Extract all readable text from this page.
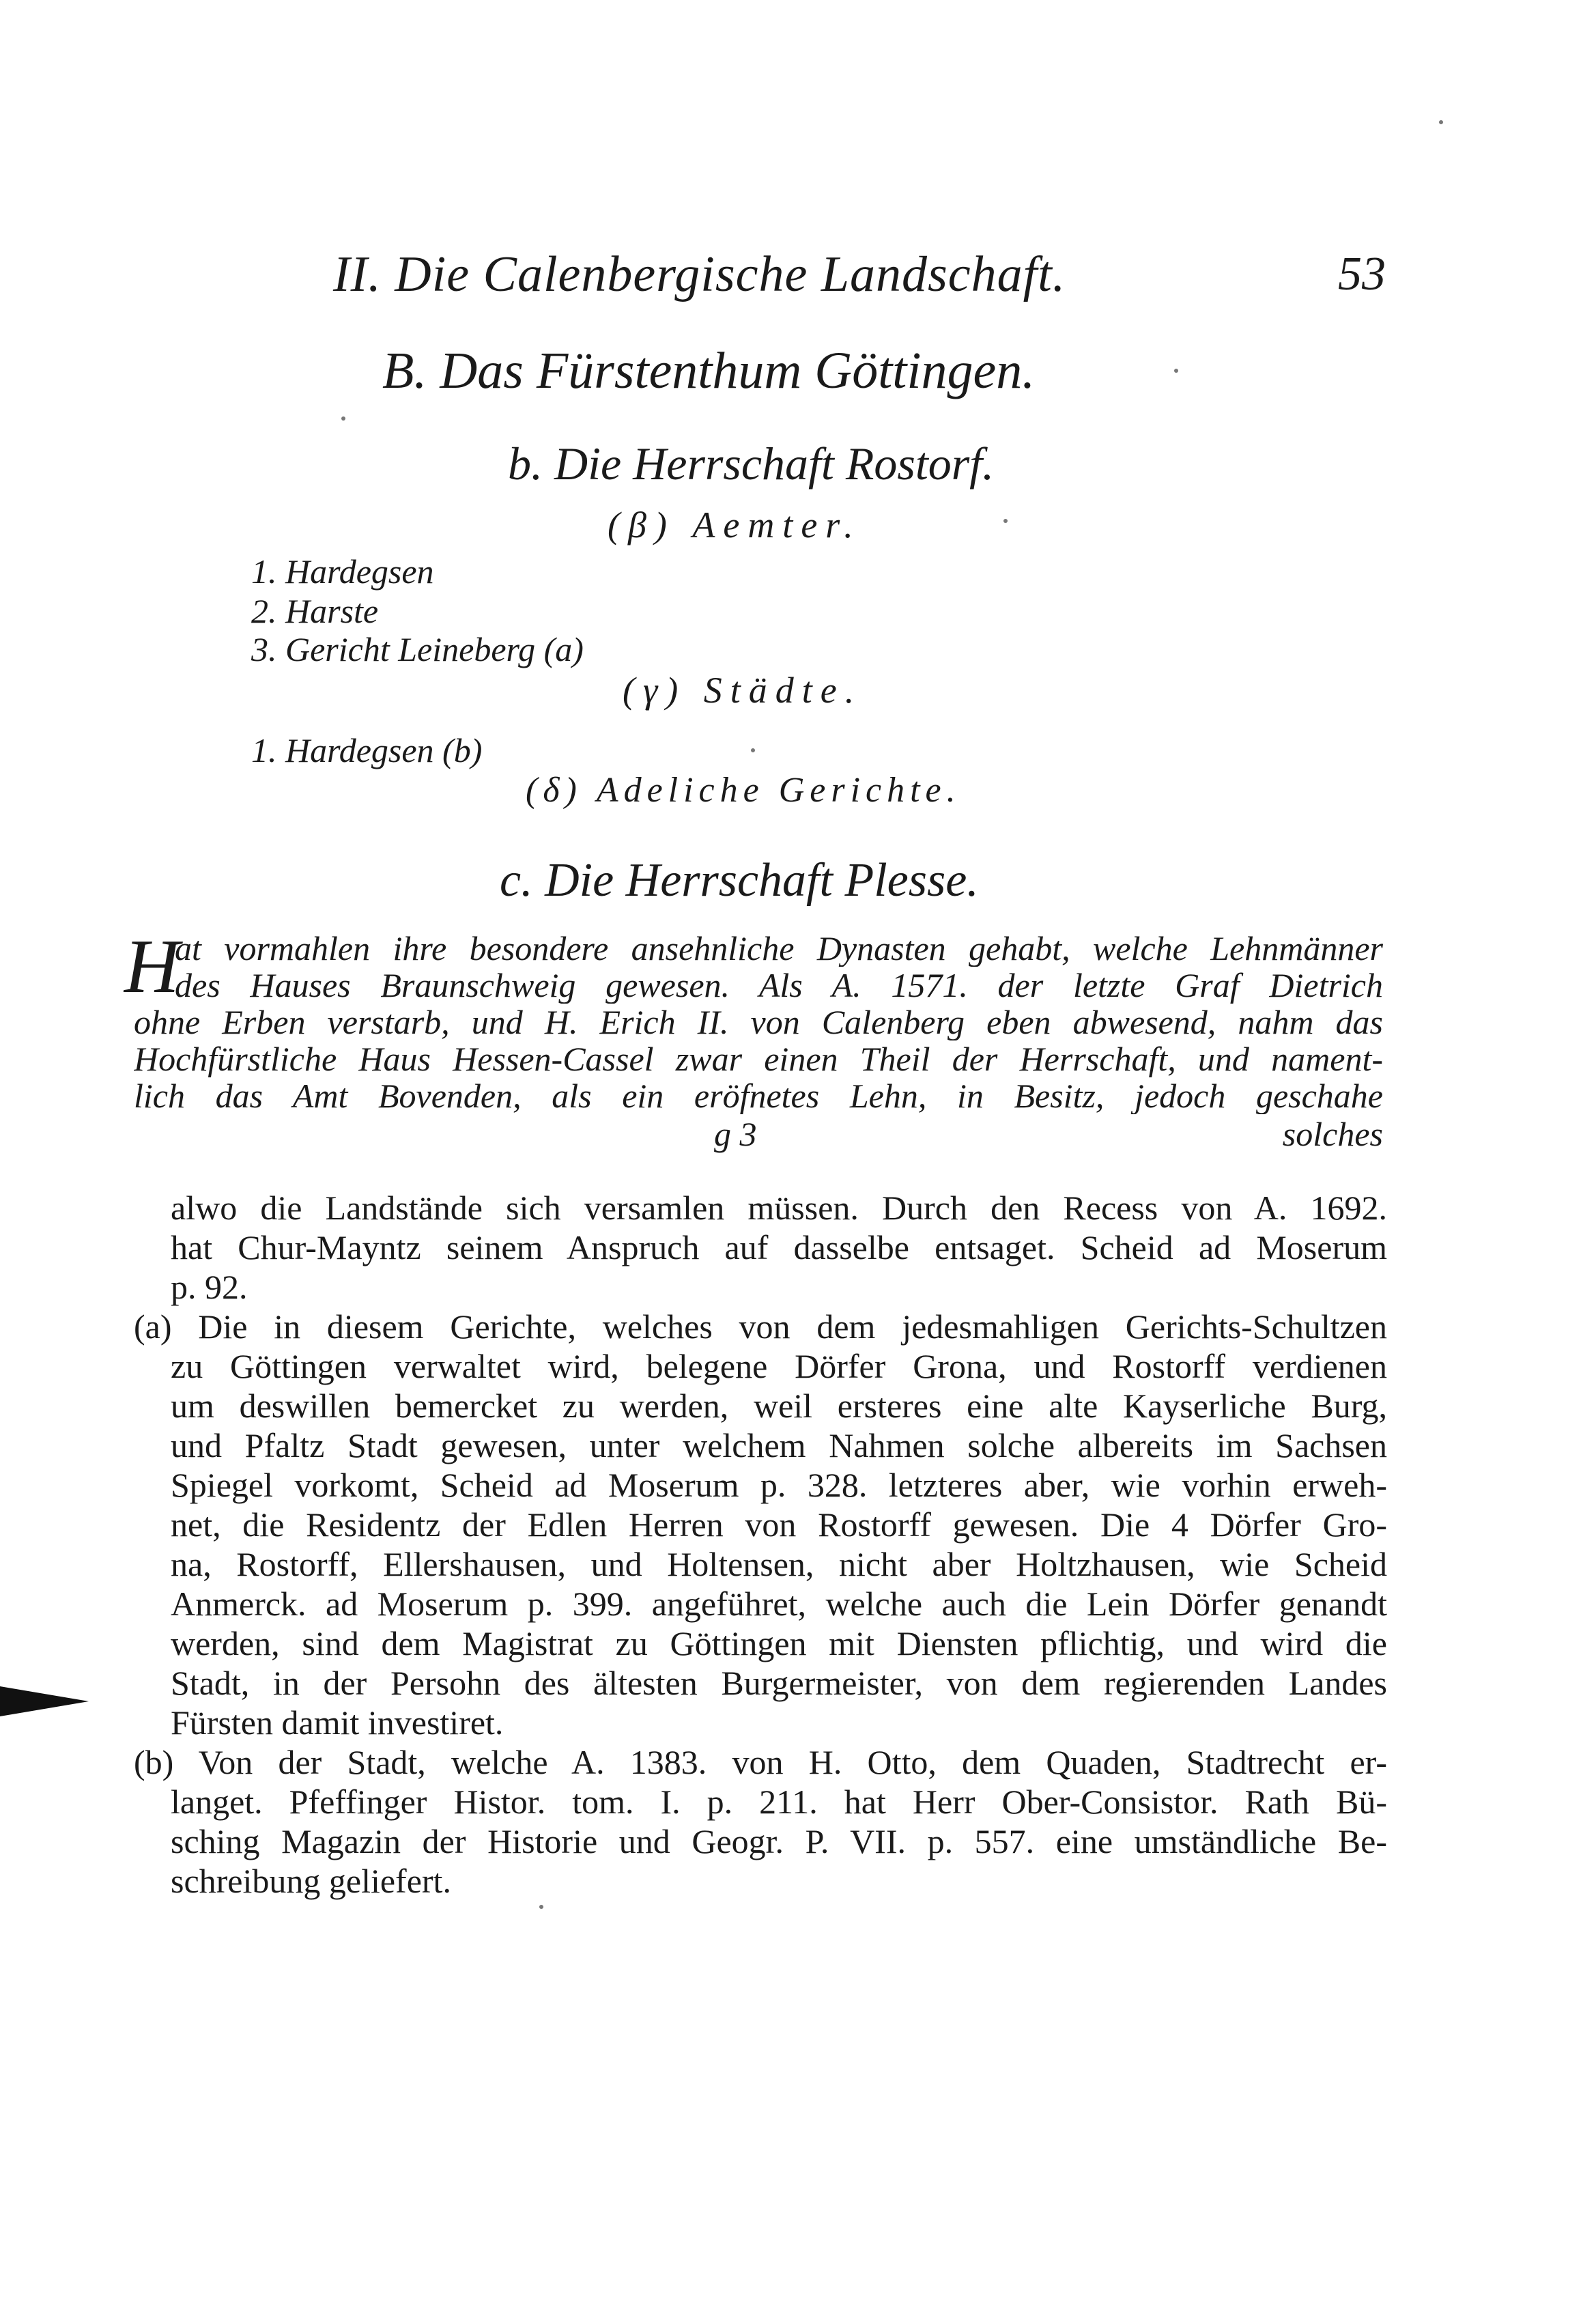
II. Die Calenbergische Landschaft.	53
B. Das Fürstenthum Göttingen.
b. Die Herrschaft Rostorf.
(β) Aemter.
1. Hardegsen
2. Harste
3. Gericht Leineberg (a)
(γ) Städte.
1. Hardegsen (b)
(δ) Adeliche Gerichte.
c. Die Herrschaft Plesse.
H
at vormahlen ihre besondere ansehnliche Dynasten gehabt, welche Lehnmänner
des Hauses Braunschweig gewesen. Als A. 1571. der letzte Graf Dietrich
ohne Erben verstarb, und H. Erich II. von Calenberg eben abwesend, nahm das
Hochfürstliche Haus Hessen-Cassel zwar einen Theil der Herrschaft, und nament-
lich das Amt Bovenden, als ein eröfnetes Lehn, in Besitz, jedoch geschahe
g 3	solches
alwo die Landstände sich versamlen müssen. Durch den Recess von A. 1692.
hat Chur-Mayntz seinem Anspruch auf dasselbe entsaget. Scheid ad Moserum
p. 92.
(a) Die in diesem Gerichte, welches von dem jedesmahligen Gerichts-Schultzen
zu Göttingen verwaltet wird, belegene Dörfer Grona, und Rostorff verdienen
um deswillen bemercket zu werden, weil ersteres eine alte Kayserliche Burg,
und Pfaltz Stadt gewesen, unter welchem Nahmen solche albereits im Sachsen
Spiegel vorkomt, Scheid ad Moserum p. 328. letzteres aber, wie vorhin erweh-
net, die Residentz der Edlen Herren von Rostorff gewesen. Die 4 Dörfer Gro-
na, Rostorff, Ellershausen, und Holtensen, nicht aber Holtzhausen, wie Scheid
Anmerck. ad Moserum p. 399. angeführet, welche auch die Lein Dörfer genandt
werden, sind dem Magistrat zu Göttingen mit Diensten pflichtig, und wird die
Stadt, in der Persohn des ältesten Burgermeister, von dem regierenden Landes
Fürsten damit investiret.
(b) Von der Stadt, welche A. 1383. von H. Otto, dem Quaden, Stadtrecht er-
langet. Pfeffinger Histor. tom. I. p. 211. hat Herr Ober-Consistor. Rath Bü-
sching Magazin der Historie und Geogr. P. VII. p. 557. eine umständliche Be-
schreibung geliefert.
